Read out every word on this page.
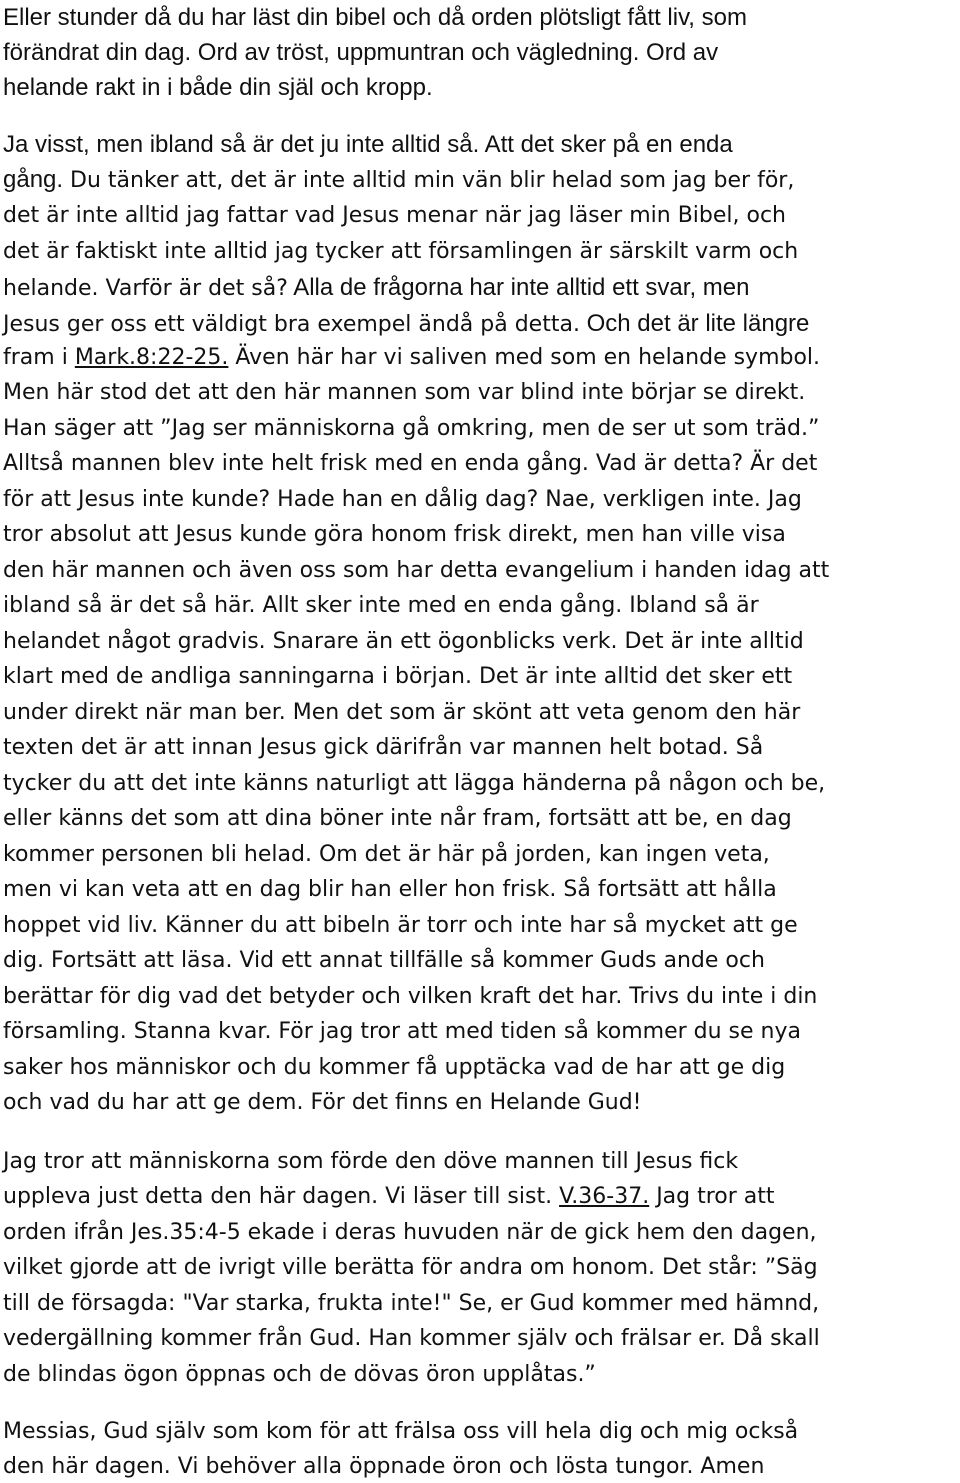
Eller stunder då du har läst din bibel och då orden plötsligt fått liv, som
förändrat din dag. Ord av tröst, uppmuntran och vägledning. Ord av
helande rakt in i både din själ och kropp.
Ja visst, men ibland så är det ju inte alltid så. Att det sker på en enda
gång. Du tänker att, det är inte alltid min vän blir helad som jag ber för,
det är inte alltid jag fattar vad Jesus menar när jag läser min Bibel, och
det är faktiskt inte alltid jag tycker att församlingen är särskilt varm och
helande. Varför är det så? Alla de frågorna har inte alltid ett svar, men
Jesus ger oss ett väldigt bra exempel ändå på detta. Och det är lite längre
fram i Mark.8:22-25. Även här har vi saliven med som en helande symbol.
Men här stod det att den här mannen som var blind inte börjar se direkt.
Han säger att ”Jag ser människorna gå omkring, men de ser ut som träd.”
Alltså mannen blev inte helt frisk med en enda gång. Vad är detta? Är det
för att Jesus inte kunde? Hade han en dålig dag? Nae, verkligen inte. Jag
tror absolut att Jesus kunde göra honom frisk direkt, men han ville visa
den här mannen och även oss som har detta evangelium i handen idag att
ibland så är det så här. Allt sker inte med en enda gång. Ibland så är
helandet något gradvis. Snarare än ett ögonblicks verk. Det är inte alltid
klart med de andliga sanningarna i början. Det är inte alltid det sker ett
under direkt när man ber. Men det som är skönt att veta genom den här
texten det är att innan Jesus gick därifrån var mannen helt botad. Så
tycker du att det inte känns naturligt att lägga händerna på någon och be,
eller känns det som att dina böner inte når fram, fortsätt att be, en dag
kommer personen bli helad. Om det är här på jorden, kan ingen veta,
men vi kan veta att en dag blir han eller hon frisk. Så fortsätt att hålla
hoppet vid liv. Känner du att bibeln är torr och inte har så mycket att ge
dig. Fortsätt att läsa. Vid ett annat tillfälle så kommer Guds ande och
berättar för dig vad det betyder och vilken kraft det har. Trivs du inte i din
församling. Stanna kvar. För jag tror att med tiden så kommer du se nya
saker hos människor och du kommer få upptäcka vad de har att ge dig
och vad du har att ge dem. För det finns en Helande Gud!
Jag tror att människorna som förde den döve mannen till Jesus fick
uppleva just detta den här dagen. Vi läser till sist. V.36-37. Jag tror att
orden ifrån Jes.35:4-5 ekade i deras huvuden när de gick hem den dagen,
vilket gjorde att de ivrigt ville berätta för andra om honom. Det står: ”Säg
till de försagda: "Var starka, frukta inte!" Se, er Gud kommer med hämnd,
vedergällning kommer från Gud. Han kommer själv och frälsar er. Då skall
de blindas ögon öppnas och de dövas öron upplåtas.”
Messias, Gud själv som kom för att frälsa oss vill hela dig och mig också
den här dagen. Vi behöver alla öppnade öron och lösta tungor. Amen
